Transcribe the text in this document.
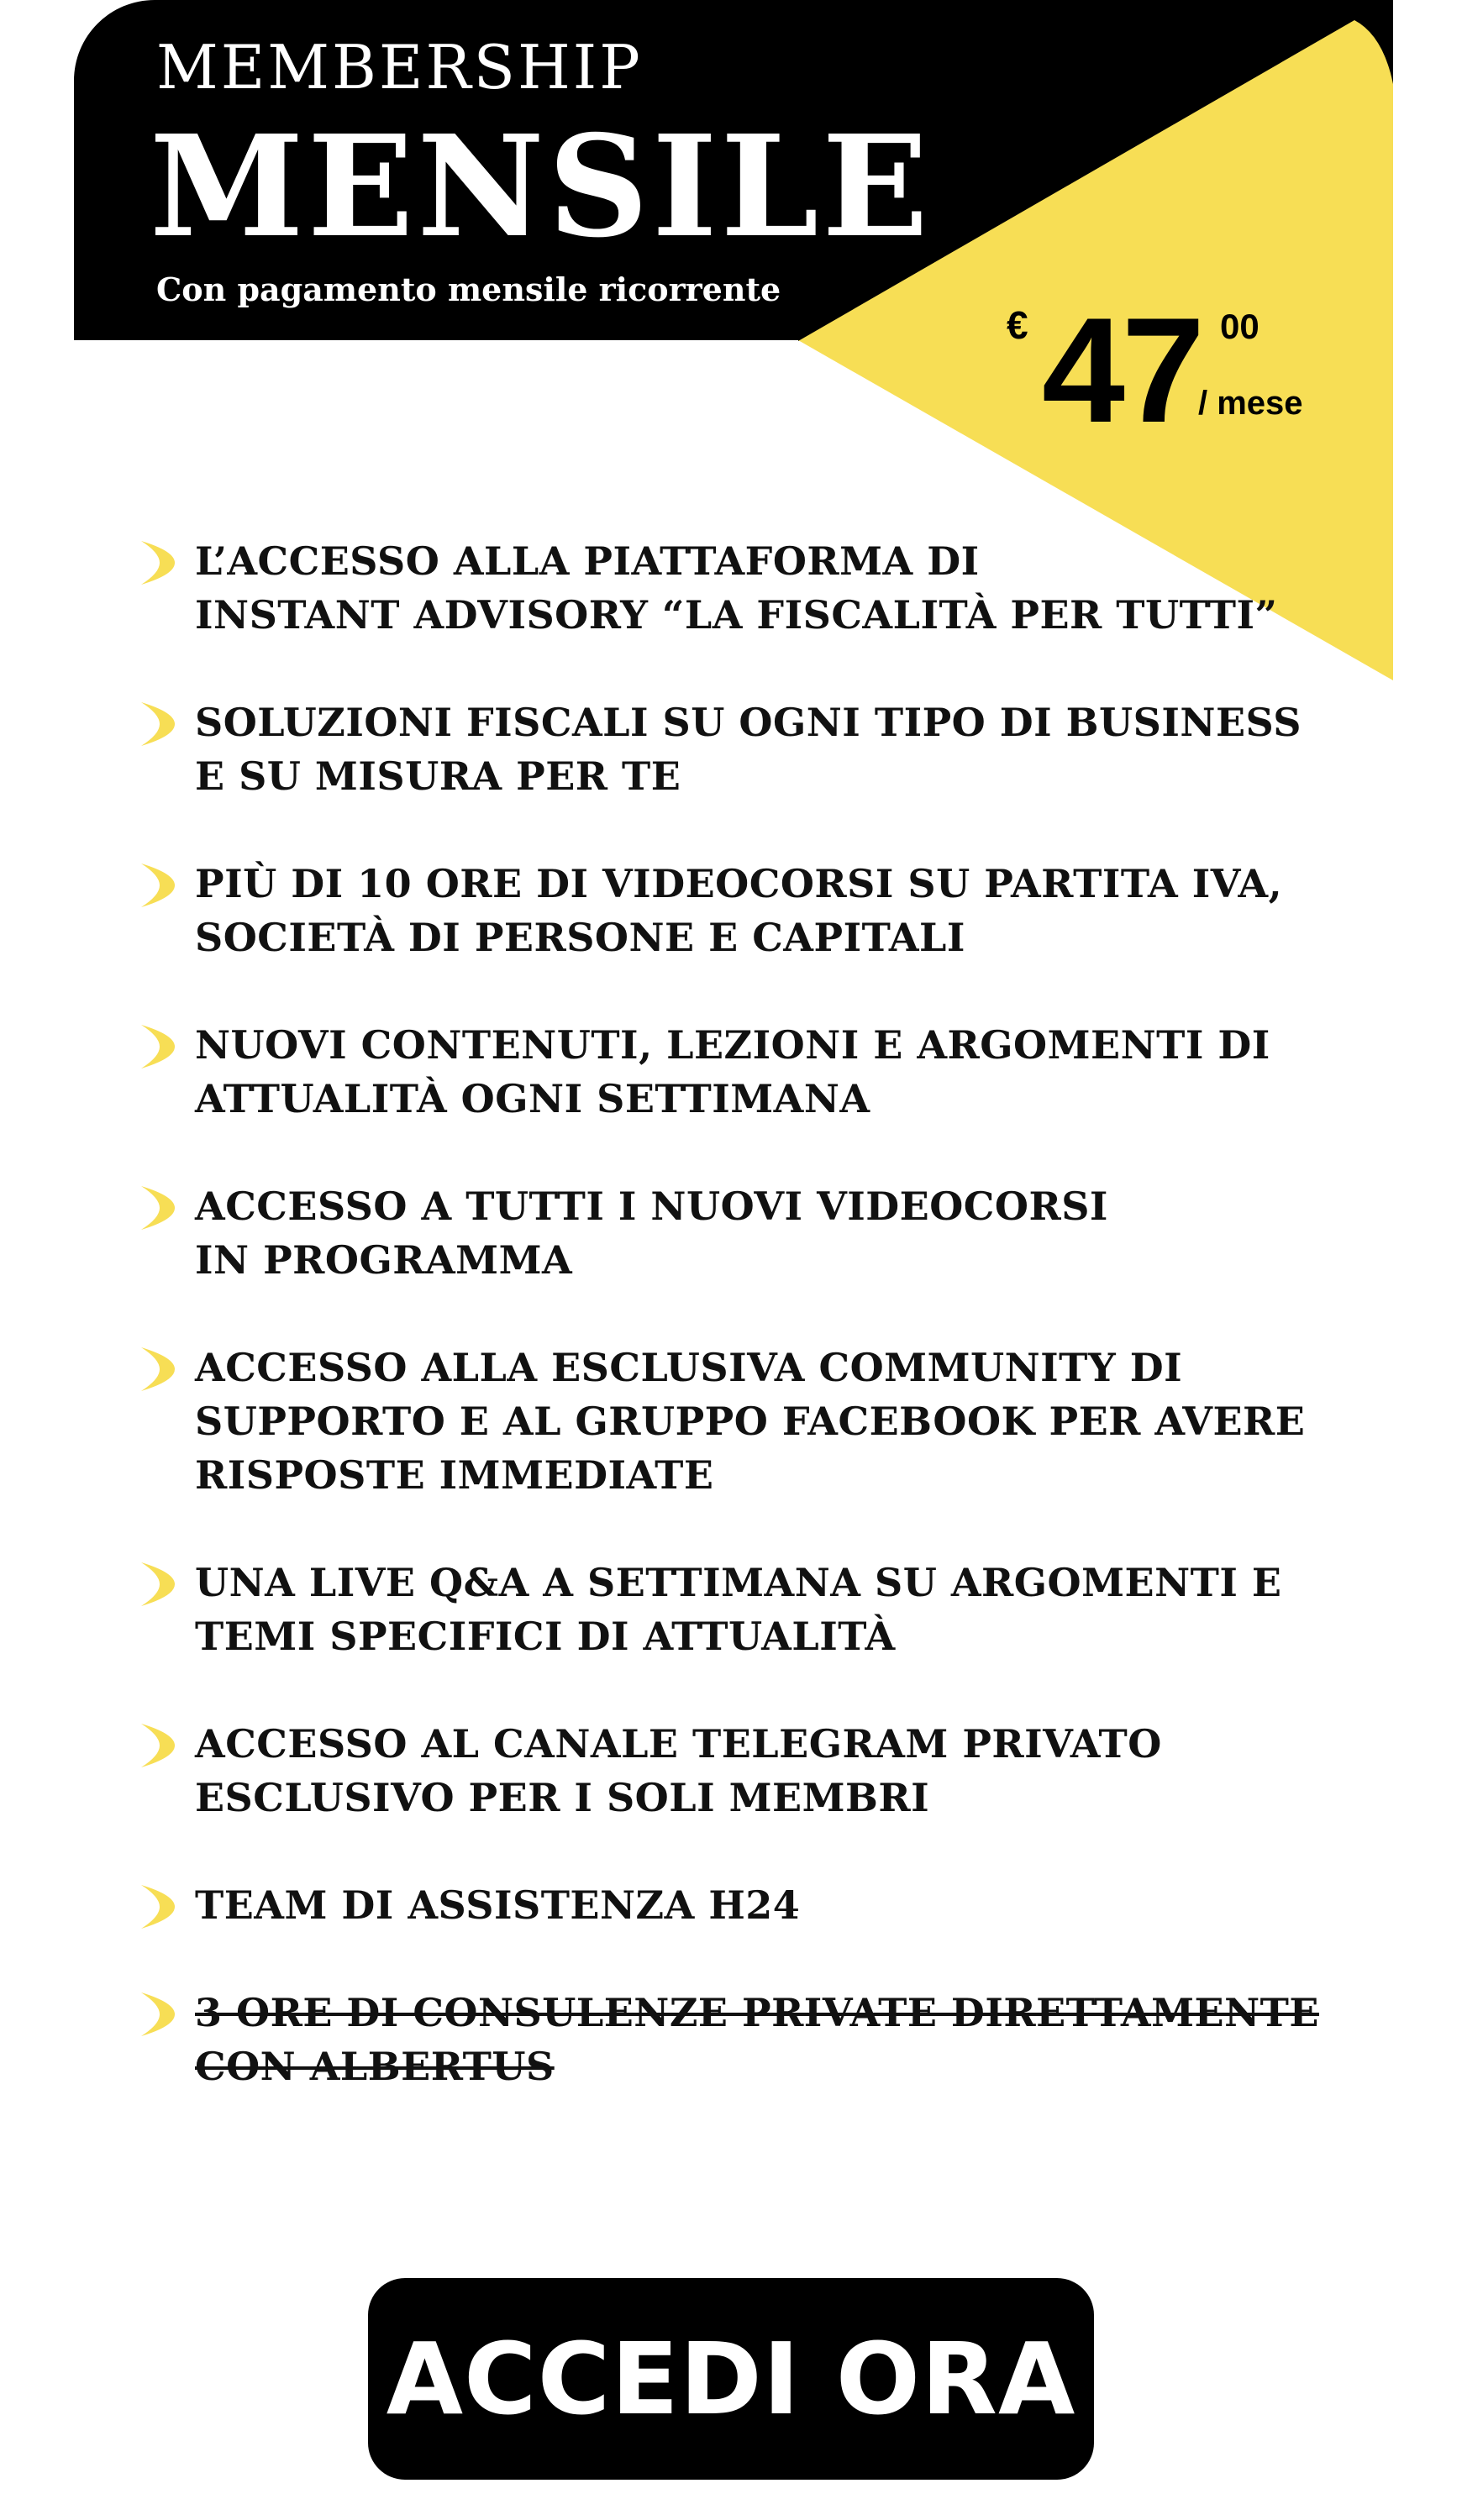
MEMBERSHIP
MENSILE
Con pagamento mensile ricorrente
€ 47 00
/ mese
L’ACCESSO ALLA PIATTAFORMA DI
INSTANT ADVISORY “LA FISCALITÀ PER TUTTI”
SOLUZIONI FISCALI SU OGNI TIPO DI BUSINESS
E SU MISURA PER TE
PIÙ DI 10 ORE DI VIDEOCORSI SU PARTITA IVA,
SOCIETÀ DI PERSONE E CAPITALI
NUOVI CONTENUTI, LEZIONI E ARGOMENTI DI
ATTUALITÀ OGNI SETTIMANA
ACCESSO A TUTTI I NUOVI VIDEOCORSI
IN PROGRAMMA
ACCESSO ALLA ESCLUSIVA COMMUNITY DI
SUPPORTO E AL GRUPPO FACEBOOK PER AVERE
RISPOSTE IMMEDIATE
UNA LIVE Q&A A SETTIMANA SU ARGOMENTI E
TEMI SPECIFICI DI ATTUALITÀ
ACCESSO AL CANALE TELEGRAM PRIVATO
ESCLUSIVO PER I SOLI MEMBRI
TEAM DI ASSISTENZA H24
3 ORE DI CONSULENZE PRIVATE DIRETTAMENTE
CON ALBERTUS
ACCEDI ORA
